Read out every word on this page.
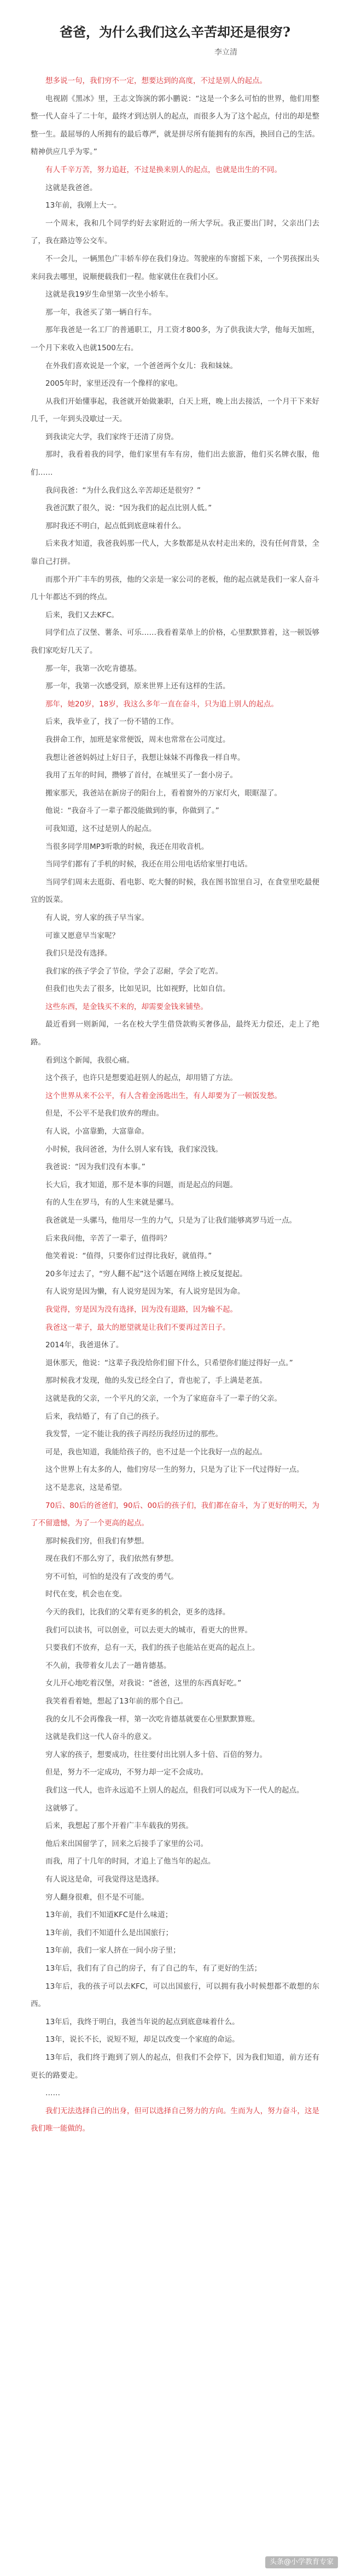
爸爸，为什么我们这么辛苦却还是很穷?
李立清

想多说一句，我们穷不一定，想要达到的高度，不过是别人的起点。

电视剧《黑冰》里，王志文饰演的郭小鹏说：“这是一个多么可怕的世界，他们用整整一代人奋斗了二十年，最终才到达别人的起点，而很多人为了这个起点，付出的却是整整一生。最屈辱的人所拥有的最后尊严，就是拼尽所有能拥有的东西，换回自己的生活。精神供应几乎为零。”

有人千辛万苦，努力追赶，不过是换来别人的起点，也就是出生的不同。

这就是我爸爸。

13年前，我刚上大一。

一个周末，我和几个同学约好去家附近的一所大学玩。我正要出门时，父亲出门去了，我在路边等公交车。

不一会儿，一辆黑色广丰轿车停在我们身边。驾驶座的车窗摇下来，一个男孩探出头来问我去哪里，说顺便载我们一程。他家就住在我们小区。

这就是我19岁生命里第一次坐小轿车。

那一年，我爸买了第一辆自行车。

那年我爸是一名工厂的普通职工，月工资才800多，为了供我读大学，他每天加班，一个月下来收入也就1500左右。

在外我们喜欢说是一个家，一个爸爸两个女儿：我和妹妹。

2005年时，家里还没有一个像样的家电。

从我们开始懂事起，我爸就开始做兼职，白天上班，晚上出去接活，一个月干下来好几千，一年到头没歇过一天。

到我读完大学，我们家终于还清了房贷。

那时，我看着我的同学，他们家里有车有房，他们出去旅游，他们买名牌衣服，他们……

我问我爸：“为什么我们这么辛苦却还是很穷？”

我爸沉默了很久，说：“因为我们的起点比别人低。”

那时我还不明白，起点低到底意味着什么。

后来我才知道，我爸我妈那一代人，大多数都是从农村走出来的，没有任何背景，全靠自己打拼。

而那个开广丰车的男孩，他的父亲是一家公司的老板，他的起点就是我们一家人奋斗几十年都达不到的终点。

后来，我们又去KFC。

同学们点了汉堡、薯条、可乐……我看着菜单上的价格，心里默默算着，这一顿饭够我们家吃好几天了。

那一年，我第一次吃肯德基。

那一年，我第一次感受到，原来世界上还有这样的生活。

那年，她20岁，18岁，我这么多年一直在奋斗，只为追上别人的起点。

后来，我毕业了，找了一份不错的工作。

我拼命工作，加班是家常便饭，周末也常常在公司度过。

我想让爸爸妈妈过上好日子，我想让妹妹不再像我一样自卑。

我用了五年的时间，攒够了首付，在城里买了一套小房子。

搬家那天，我爸站在新房子的阳台上，看着窗外的万家灯火，眼眶湿了。

他说：“我奋斗了一辈子都没能做到的事，你做到了。”

可我知道，这不过是别人的起点。

当很多同学用MP3听歌的时候，我还在用收音机。

当同学们都有了手机的时候，我还在用公用电话给家里打电话。

当同学们周末去逛街、看电影、吃大餐的时候，我在图书馆里自习，在食堂里吃最便宜的饭菜。

有人说，穷人家的孩子早当家。

可谁又愿意早当家呢？

我们只是没有选择。

我们家的孩子学会了节俭，学会了忍耐，学会了吃苦。

但我们也失去了很多，比如见识，比如视野，比如自信。

这些东西，是金钱买不来的，却需要金钱来铺垫。

最近看到一则新闻，一名在校大学生借贷款购买奢侈品，最终无力偿还，走上了绝路。

看到这个新闻，我很心痛。

这个孩子，也许只是想要追赶别人的起点，却用错了方法。

这个世界从来不公平，有人含着金汤匙出生，有人却要为了一顿饭发愁。

但是，不公平不是我们放弃的理由。

有人说，小富靠勤，大富靠命。

小时候，我问爸爸，为什么别人家有钱，我们家没钱。

我爸说：“因为我们没有本事。”

长大后，我才知道，那不是本事的问题，而是起点的问题。

有的人生在罗马，有的人生来就是骡马。

我爸就是一头骡马，他用尽一生的力气，只是为了让我们能够离罗马近一点。

后来我问他，辛苦了一辈子，值得吗？

他笑着说：“值得，只要你们过得比我好，就值得。”

20多年过去了，“穷人翻不起”这个话题在网络上被反复提起。

有人说穷是因为懒，有人说穷是因为笨，有人说穷是因为命。

我觉得，穷是因为没有选择，因为没有退路，因为输不起。

我爸这一辈子，最大的愿望就是让我们不要再过苦日子。

2014年，我爸退休了。

退休那天，他说：“这辈子我没给你们留下什么，只希望你们能过得好一点。”

那时候我才发现，他的头发已经全白了，背也驼了，手上满是老茧。

这就是我的父亲，一个平凡的父亲，一个为了家庭奋斗了一辈子的父亲。

后来，我结婚了，有了自己的孩子。

我发誓，一定不能让我的孩子再经历我经历过的那些。

可是，我也知道，我能给孩子的，也不过是一个比我好一点的起点。

这个世界上有太多的人，他们穷尽一生的努力，只是为了让下一代过得好一点。

这不是悲哀，这是希望。

70后、80后的爸爸们，90后、00后的孩子们，我们都在奋斗，为了更好的明天，为了不留遗憾，为了一个更高的起点。

那时候我们穷，但我们有梦想。

现在我们不那么穷了，我们依然有梦想。

穷不可怕，可怕的是没有了改变的勇气。

时代在变，机会也在变。

今天的我们，比我们的父辈有更多的机会，更多的选择。

我们可以读书，可以创业，可以去更大的城市，看更大的世界。

只要我们不放弃，总有一天，我们的孩子也能站在更高的起点上。

不久前，我带着女儿去了一趟肯德基。

女儿开心地吃着汉堡，对我说：“爸爸，这里的东西真好吃。”

我笑着看着她，想起了13年前的那个自己。

我的女儿不会再像我一样，第一次吃肯德基就要在心里默默算账。

这就是我们这一代人奋斗的意义。

穷人家的孩子，想要成功，往往要付出比别人多十倍、百倍的努力。

但是，努力不一定成功，不努力却一定不会成功。

我们这一代人，也许永远追不上别人的起点，但我们可以成为下一代人的起点。

这就够了。

后来，我想起了那个开着广丰车载我的男孩。

他后来出国留学了，回来之后接手了家里的公司。

而我，用了十几年的时间，才追上了他当年的起点。

有人说这是命，可我觉得这是选择。

穷人翻身很难，但不是不可能。

13年前，我们不知道KFC是什么味道；

13年前，我们不知道什么是出国旅行；

13年前，我们一家人挤在一间小房子里；

13年后，我们有了自己的房子，有了自己的车，有了更好的生活；

13年后，我的孩子可以去KFC，可以出国旅行，可以拥有我小时候想都不敢想的东西。

13年后，我终于明白，我爸当年说的起点到底意味着什么。

13年，说长不长，说短不短，却足以改变一个家庭的命运。

13年后，我们终于跑到了别人的起点，但我们不会停下，因为我们知道，前方还有更长的路要走。

……

我们无法选择自己的出身，但可以选择自己努力的方向。生而为人，努力奋斗，这是我们唯一能做的。

头条@小学教育专家
